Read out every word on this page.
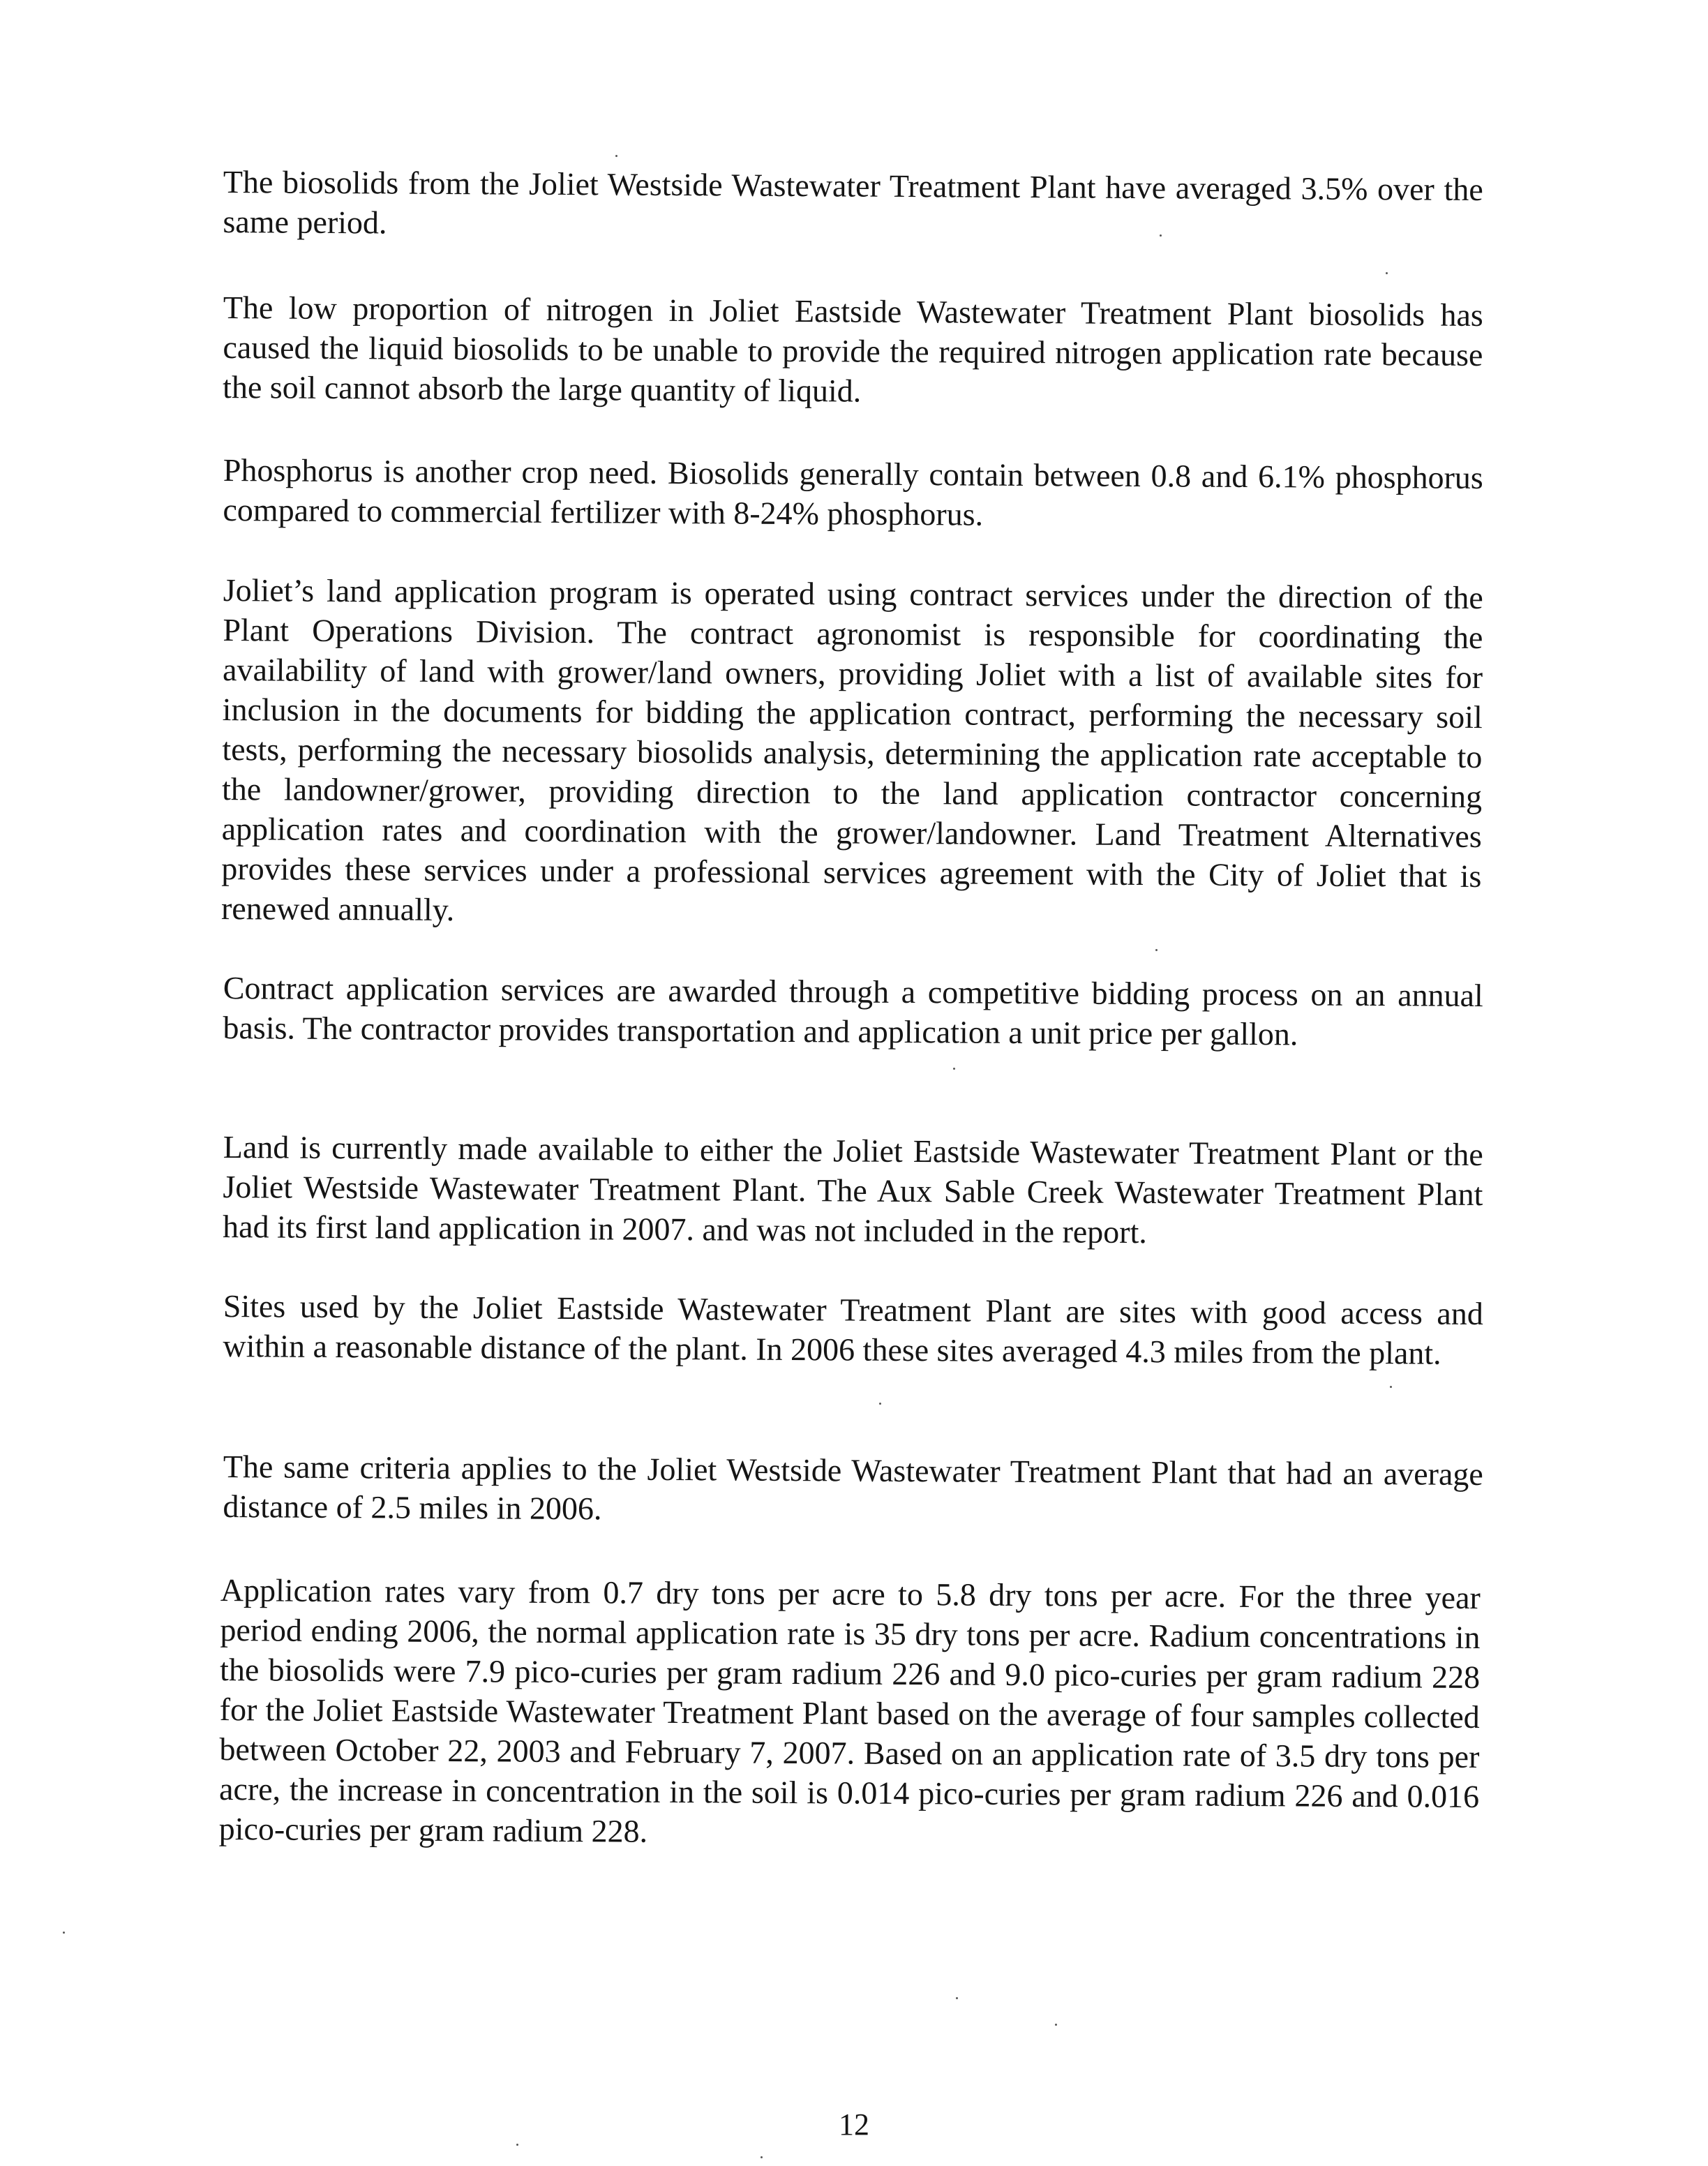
The biosolids from the Joliet Westside Wastewater Treatment Plant have averaged 3.5% over the same period.

The low proportion of nitrogen in Joliet Eastside Wastewater Treatment Plant biosolids has caused the liquid biosolids to be unable to provide the required nitrogen application rate because the soil cannot absorb the large quantity of liquid.

Phosphorus is another crop need. Biosolids generally contain between 0.8 and 6.1% phosphorus compared to commercial fertilizer with 8-24% phosphorus.

Joliet’s land application program is operated using contract services under the direction of the Plant Operations Division. The contract agronomist is responsible for coordinating the availability of land with grower/land owners, providing Joliet with a list of available sites for inclusion in the documents for bidding the application contract, performing the necessary soil tests, performing the necessary biosolids analysis, determining the application rate acceptable to the landowner/grower, providing direction to the land application contractor concerning application rates and coordination with the grower/landowner. Land Treatment Alternatives provides these services under a professional services agreement with the City of Joliet that is renewed annually.

Contract application services are awarded through a competitive bidding process on an annual basis. The contractor provides transportation and application a unit price per gallon.

Land is currently made available to either the Joliet Eastside Wastewater Treatment Plant or the Joliet Westside Wastewater Treatment Plant. The Aux Sable Creek Wastewater Treatment Plant had its first land application in 2007. and was not included in the report.

Sites used by the Joliet Eastside Wastewater Treatment Plant are sites with good access and within a reasonable distance of the plant. In 2006 these sites averaged 4.3 miles from the plant.

The same criteria applies to the Joliet Westside Wastewater Treatment Plant that had an average distance of 2.5 miles in 2006.

Application rates vary from 0.7 dry tons per acre to 5.8 dry tons per acre. For the three year period ending 2006, the normal application rate is 35 dry tons per acre. Radium concentrations in the biosolids were 7.9 pico-curies per gram radium 226 and 9.0 pico-curies per gram radium 228 for the Joliet Eastside Wastewater Treatment Plant based on the average of four samples collected between October 22, 2003 and February 7, 2007. Based on an application rate of 3.5 dry tons per acre, the increase in concentration in the soil is 0.014 pico-curies per gram radium 226 and 0.016 pico-curies per gram radium 228.

12
